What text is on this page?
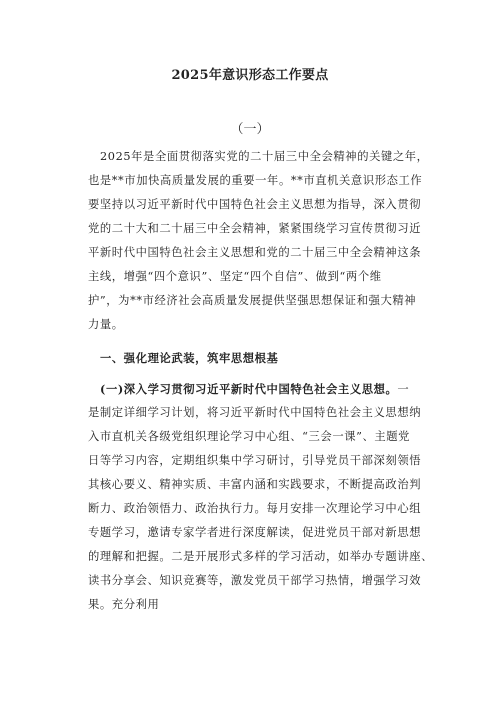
2025年意识形态工作要点
（一）
2025年是全面贯彻落实党的二十届三中全会精神的关键之年，
也是**市加快高质量发展的重要一年。**市直机关意识形态工作
要坚持以习近平新时代中国特色社会主义思想为指导，深入贯彻
党的二十大和二十届三中全会精神，紧紧围绕学习宣传贯彻习近
平新时代中国特色社会主义思想和党的二十届三中全会精神这条
主线，增强“四个意识”、坚定“四个自信”、做到“两个维
护”，为**市经济社会高质量发展提供坚强思想保证和强大精神
力量。
一、强化理论武装，筑牢思想根基
(一)深入学习贯彻习近平新时代中国特色社会主义思想。一
是制定详细学习计划，将习近平新时代中国特色社会主义思想纳
入市直机关各级党组织理论学习中心组、“三会一课”、主题党
日等学习内容，定期组织集中学习研讨，引导党员干部深刻领悟
其核心要义、精神实质、丰富内涵和实践要求，不断提高政治判
断力、政治领悟力、政治执行力。每月安排一次理论学习中心组
专题学习，邀请专家学者进行深度解读，促进党员干部对新思想
的理解和把握。二是开展形式多样的学习活动，如举办专题讲座、
读书分享会、知识竞赛等，激发党员干部学习热情，增强学习效
果。充分利用
